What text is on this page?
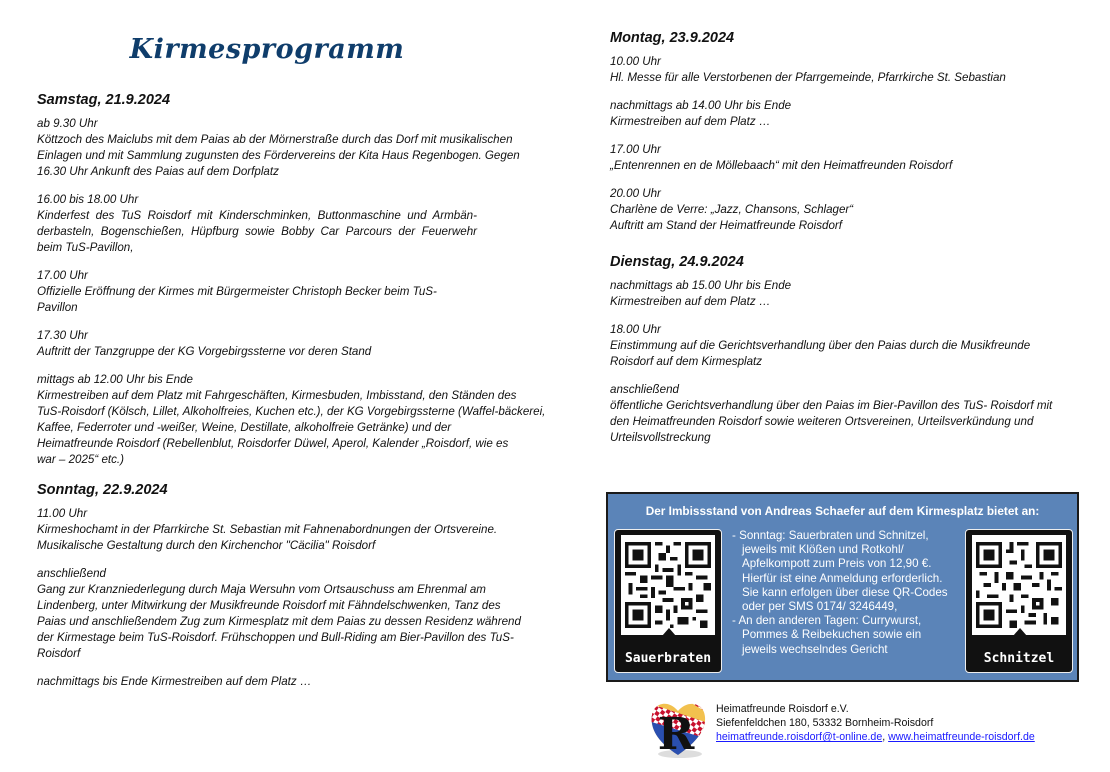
Kirmesprogramm
Samstag, 21.9.2024
ab 9.30 Uhr
Köttzoch des Maiclubs mit dem Paias ab der Mörnerstraße durch das Dorf mit musikalischen
Einlagen und mit Sammlung zugunsten des Fördervereins der Kita Haus Regenbogen. Gegen
16.30 Uhr Ankunft des Paias auf dem Dorfplatz
16.00 bis 18.00 Uhr
Kinderfest des TuS Roisdorf mit Kinderschminken, Buttonmaschine und Armbän-
derbasteln, Bogenschießen, Hüpfburg sowie Bobby Car Parcours der Feuerwehr
beim TuS-Pavillon,
17.00 Uhr
Offizielle Eröffnung der Kirmes mit Bürgermeister Christoph Becker beim TuS-
Pavillon
17.30 Uhr
Auftritt der Tanzgruppe der KG Vorgebirgssterne vor deren Stand
mittags ab 12.00 Uhr bis Ende
Kirmestreiben auf dem Platz mit Fahrgeschäften, Kirmesbuden, Imbisstand, den Ständen des
TuS-Roisdorf (Kölsch, Lillet, Alkoholfreies, Kuchen etc.), der KG Vorgebirgssterne (Waffel-bäckerei,
Kaffee, Federroter und -weißer, Weine, Destillate, alkoholfreie Getränke) und der
Heimatfreunde Roisdorf (Rebellenblut, Roisdorfer Düwel, Aperol, Kalender „Roisdorf, wie es
war – 2025“ etc.)
Sonntag, 22.9.2024
11.00 Uhr
Kirmeshochamt in der Pfarrkirche St. Sebastian mit Fahnenabordnungen der Ortsvereine.
Musikalische Gestaltung durch den Kirchenchor "Cäcilia" Roisdorf
anschließend
Gang zur Kranzniederlegung durch Maja Wersuhn vom Ortsauschuss am Ehrenmal am
Lindenberg, unter Mitwirkung der Musikfreunde Roisdorf mit Fähndelschwenken, Tanz des
Paias und anschließendem Zug zum Kirmesplatz mit dem Paias zu dessen Residenz während
der Kirmestage beim TuS-Roisdorf. Frühschoppen und Bull-Riding am Bier-Pavillon des TuS-
Roisdorf
nachmittags bis Ende Kirmestreiben auf dem Platz …
Montag, 23.9.2024
10.00 Uhr
Hl. Messe für alle Verstorbenen der Pfarrgemeinde, Pfarrkirche St. Sebastian
nachmittags ab 14.00 Uhr bis Ende
Kirmestreiben auf dem Platz …
17.00 Uhr
„Entenrennen en de Möllebaach“ mit den Heimatfreunden Roisdorf
20.00 Uhr
Charlène de Verre: „Jazz, Chansons, Schlager“
Auftritt am Stand der Heimatfreunde Roisdorf
Dienstag, 24.9.2024
nachmittags ab 15.00 Uhr bis Ende
Kirmestreiben auf dem Platz …
18.00 Uhr
Einstimmung auf die Gerichtsverhandlung über den Paias durch die Musikfreunde
Roisdorf auf dem Kirmesplatz
anschließend
öffentliche Gerichtsverhandlung über den Paias im Bier-Pavillon des TuS- Roisdorf mit
den Heimatfreunden Roisdorf sowie weiteren Ortsvereinen, Urteilsverkündung und
Urteilsvollstreckung
Der Imbissstand von Andreas Schaefer auf dem Kirmesplatz bietet an:
Sauerbraten
- Sonntag: Sauerbraten und Schnitzel, jeweils mit Klößen und Rotkohl/ Apfelkompott zum Preis von 12,90 €. Hierfür ist eine Anmeldung erforderlich. Sie kann erfolgen über diese QR-Codes oder per SMS 0174/ 3246449,
- An den anderen Tagen: Currywurst, Pommes & Reibekuchen sowie ein jeweils wechselndes Gericht
Schnitzel
R Heimatfreunde Roisdorf e.V.
Siefenfeldchen 180, 53332 Bornheim-Roisdorf
heimatfreunde.roisdorf@t-online.de, www.heimatfreunde-roisdorf.de
